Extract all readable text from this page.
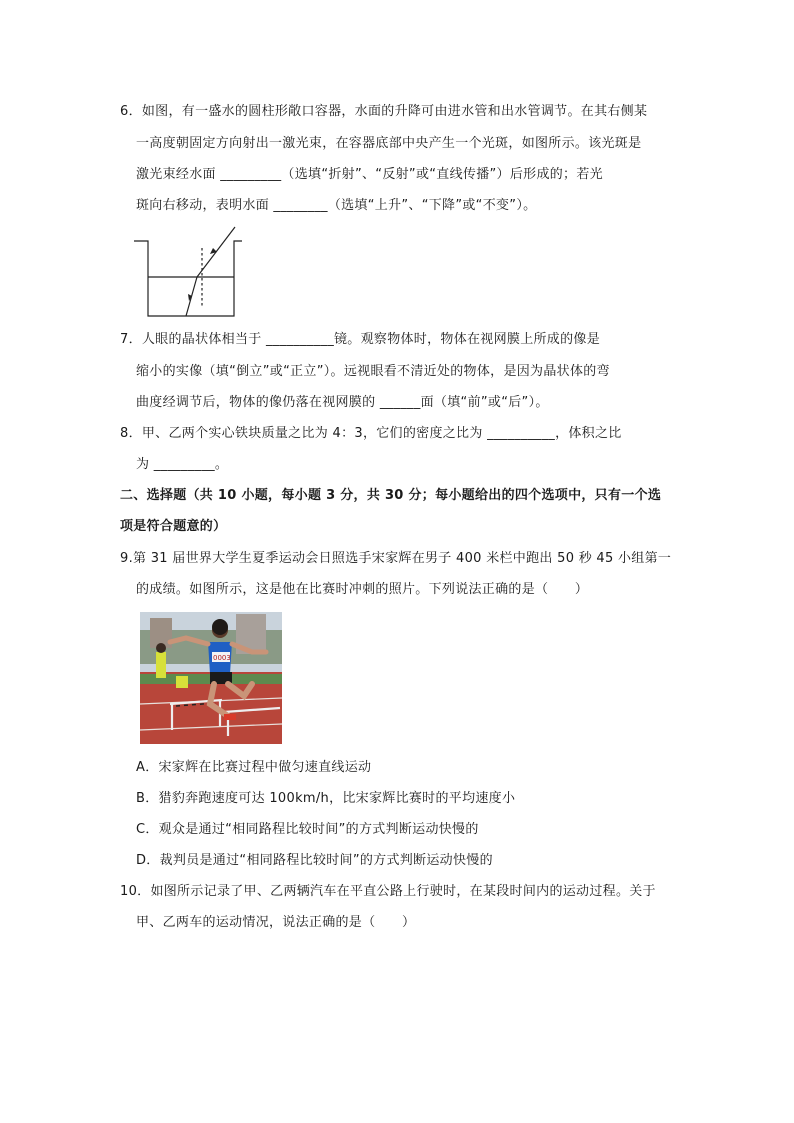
6．如图，有一盛水的圆柱形敞口容器，水面的升降可由进水管和出水管调节。在其右侧某
一高度朝固定方向射出一激光束，在容器底部中央产生一个光斑，如图所示。该光斑是
激光束经水面 _________（选填“折射”、“反射”或“直线传播”）后形成的；若光
斑向右移动，表明水面 ________（选填“上升”、“下降”或“不变”）。
7．人眼的晶状体相当于 __________镜。观察物体时，物体在视网膜上所成的像是
缩小的实像（填“倒立”或“正立”）。远视眼看不清近处的物体，是因为晶状体的弯
曲度经调节后，物体的像仍落在视网膜的 ______面（填“前”或“后”）。
8．甲、乙两个实心铁块质量之比为 4：3，它们的密度之比为 __________，体积之比
为 _________。
二、选择题（共 10 小题，每小题 3 分，共 30 分；每小题给出的四个选项中，只有一个选
项是符合题意的）
9.第 31 届世界大学生夏季运动会日照选手宋家辉在男子 400 米栏中跑出 50 秒 45 小组第一
的成绩。如图所示，这是他在比赛时冲刺的照片。下列说法正确的是（　　）
0003
A．宋家辉在比赛过程中做匀速直线运动
B．猎豹奔跑速度可达 100km/h，比宋家辉比赛时的平均速度小
C．观众是通过“相同路程比较时间”的方式判断运动快慢的
D．裁判员是通过“相同路程比较时间”的方式判断运动快慢的
10．如图所示记录了甲、乙两辆汽车在平直公路上行驶时，在某段时间内的运动过程。关于
甲、乙两车的运动情况，说法正确的是（　　）
